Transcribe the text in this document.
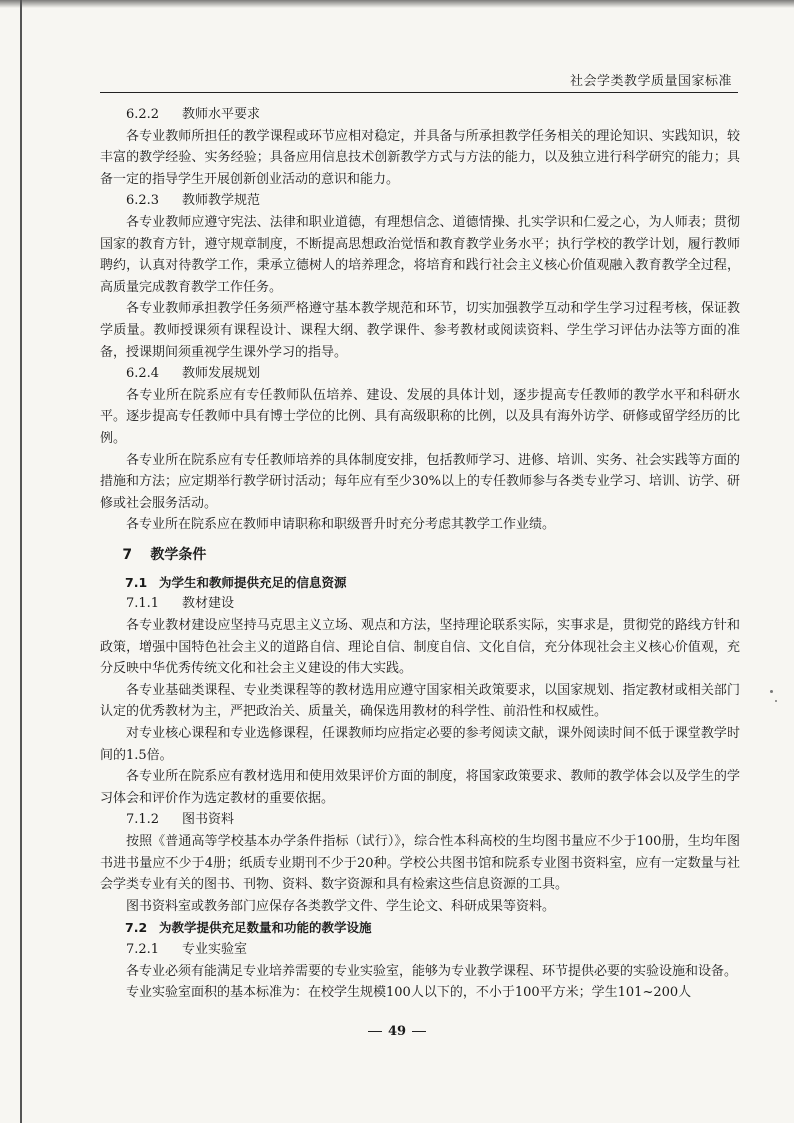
社会学类教学质量国家标准

6.2.2 教师水平要求

各专业教师所担任的教学课程或环节应相对稳定，并具备与所承担教学任务相关的理论知识、实践知识，较丰富的教学经验、实务经验；具备应用信息技术创新教学方式与方法的能力，以及独立进行科学研究的能力；具备一定的指导学生开展创新创业活动的意识和能力。

6.2.3 教师教学规范

各专业教师应遵守宪法、法律和职业道德，有理想信念、道德情操、扎实学识和仁爱之心，为人师表；贯彻国家的教育方针，遵守规章制度，不断提高思想政治觉悟和教育教学业务水平；执行学校的教学计划，履行教师聘约，认真对待教学工作，秉承立德树人的培养理念，将培育和践行社会主义核心价值观融入教育教学全过程，高质量完成教育教学工作任务。

各专业教师承担教学任务须严格遵守基本教学规范和环节，切实加强教学互动和学生学习过程考核，保证教学质量。教师授课须有课程设计、课程大纲、教学课件、参考教材或阅读资料、学生学习评估办法等方面的准备，授课期间须重视学生课外学习的指导。

6.2.4 教师发展规划

各专业所在院系应有专任教师队伍培养、建设、发展的具体计划，逐步提高专任教师的教学水平和科研水平。逐步提高专任教师中具有博士学位的比例、具有高级职称的比例，以及具有海外访学、研修或留学经历的比例。

各专业所在院系应有专任教师培养的具体制度安排，包括教师学习、进修、培训、实务、社会实践等方面的措施和方法；应定期举行教学研讨活动；每年应有至少30%以上的专任教师参与各类专业学习、培训、访学、研修或社会服务活动。

各专业所在院系应在教师申请职称和职级晋升时充分考虑其教学工作业绩。

7 教学条件

7.1 为学生和教师提供充足的信息资源

7.1.1 教材建设

各专业教材建设应坚持马克思主义立场、观点和方法，坚持理论联系实际，实事求是，贯彻党的路线方针和政策，增强中国特色社会主义的道路自信、理论自信、制度自信、文化自信，充分体现社会主义核心价值观，充分反映中华优秀传统文化和社会主义建设的伟大实践。

各专业基础类课程、专业类课程等的教材选用应遵守国家相关政策要求，以国家规划、指定教材或相关部门认定的优秀教材为主，严把政治关、质量关，确保选用教材的科学性、前沿性和权威性。

对专业核心课程和专业选修课程，任课教师均应指定必要的参考阅读文献，课外阅读时间不低于课堂教学时间的1.5倍。

各专业所在院系应有教材选用和使用效果评价方面的制度，将国家政策要求、教师的教学体会以及学生的学习体会和评价作为选定教材的重要依据。

7.1.2 图书资料

按照《普通高等学校基本办学条件指标（试行）》，综合性本科高校的生均图书量应不少于100册，生均年图书进书量应不少于4册；纸质专业期刊不少于20种。学校公共图书馆和院系专业图书资料室，应有一定数量与社会学类专业有关的图书、刊物、资料、数字资源和具有检索这些信息资源的工具。

图书资料室或教务部门应保存各类教学文件、学生论文、科研成果等资料。

7.2 为教学提供充足数量和功能的教学设施

7.2.1 专业实验室

各专业必须有能满足专业培养需要的专业实验室，能够为专业教学课程、环节提供必要的实验设施和设备。

专业实验室面积的基本标准为：在校学生规模100人以下的，不小于100平方米；学生101~200人

49
